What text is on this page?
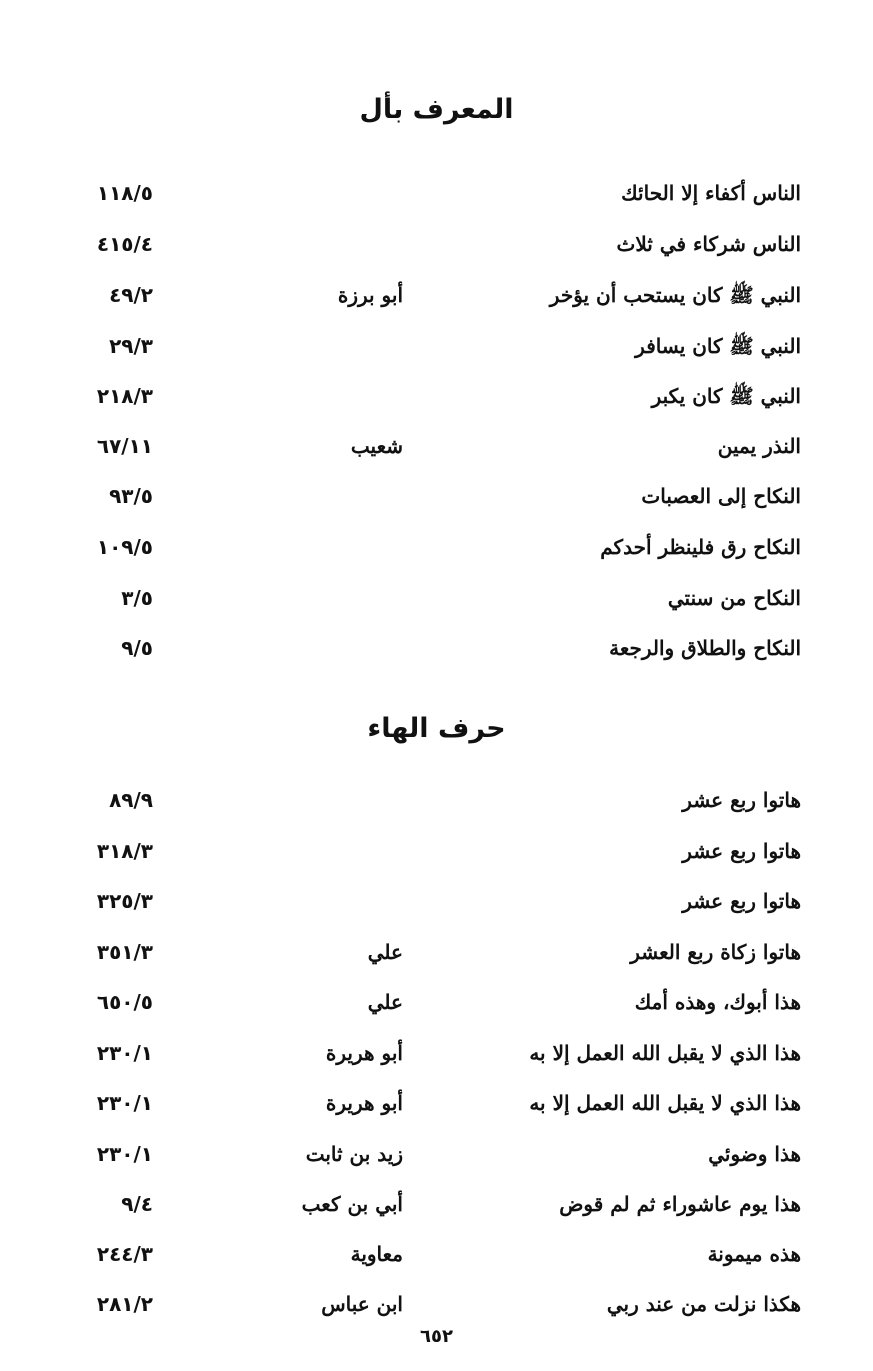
المعرف بأل
الناس أكفاء إلا الحائك
١١٨/٥
الناس شركاء في ثلاث
٤١٥/٤
النبي ﷺ كان يستحب أن يؤخر
أبو برزة
٤٩/٢
النبي ﷺ كان يسافر
٢٩/٣
النبي ﷺ كان يكبر
٢١٨/٣
النذر يمين
شعيب
٦٧/١١
النكاح إلى العصبات
٩٣/٥
النكاح رق فلينظر أحدكم
١٠٩/٥
النكاح من سنتي
٣/٥
النكاح والطلاق والرجعة
٩/٥
حرف الهاء
هاتوا ربع عشر
٨٩/٩
هاتوا ربع عشر
٣١٨/٣
هاتوا ربع عشر
٣٢٥/٣
هاتوا زكاة ربع العشر
علي
٣٥١/٣
هذا أبوك، وهذه أمك
علي
٦٥٠/٥
هذا الذي لا يقبل الله العمل إلا به
أبو هريرة
٢٣٠/١
هذا الذي لا يقبل الله العمل إلا به
أبو هريرة
٢٣٠/١
هذا وضوئي
زيد بن ثابت
٢٣٠/١
هذا يوم عاشوراء ثم لم قوض
أبي بن كعب
٩/٤
هذه ميمونة
معاوية
٢٤٤/٣
هكذا نزلت من عند ربي
ابن عباس
٢٨١/٢
٦٥٢
